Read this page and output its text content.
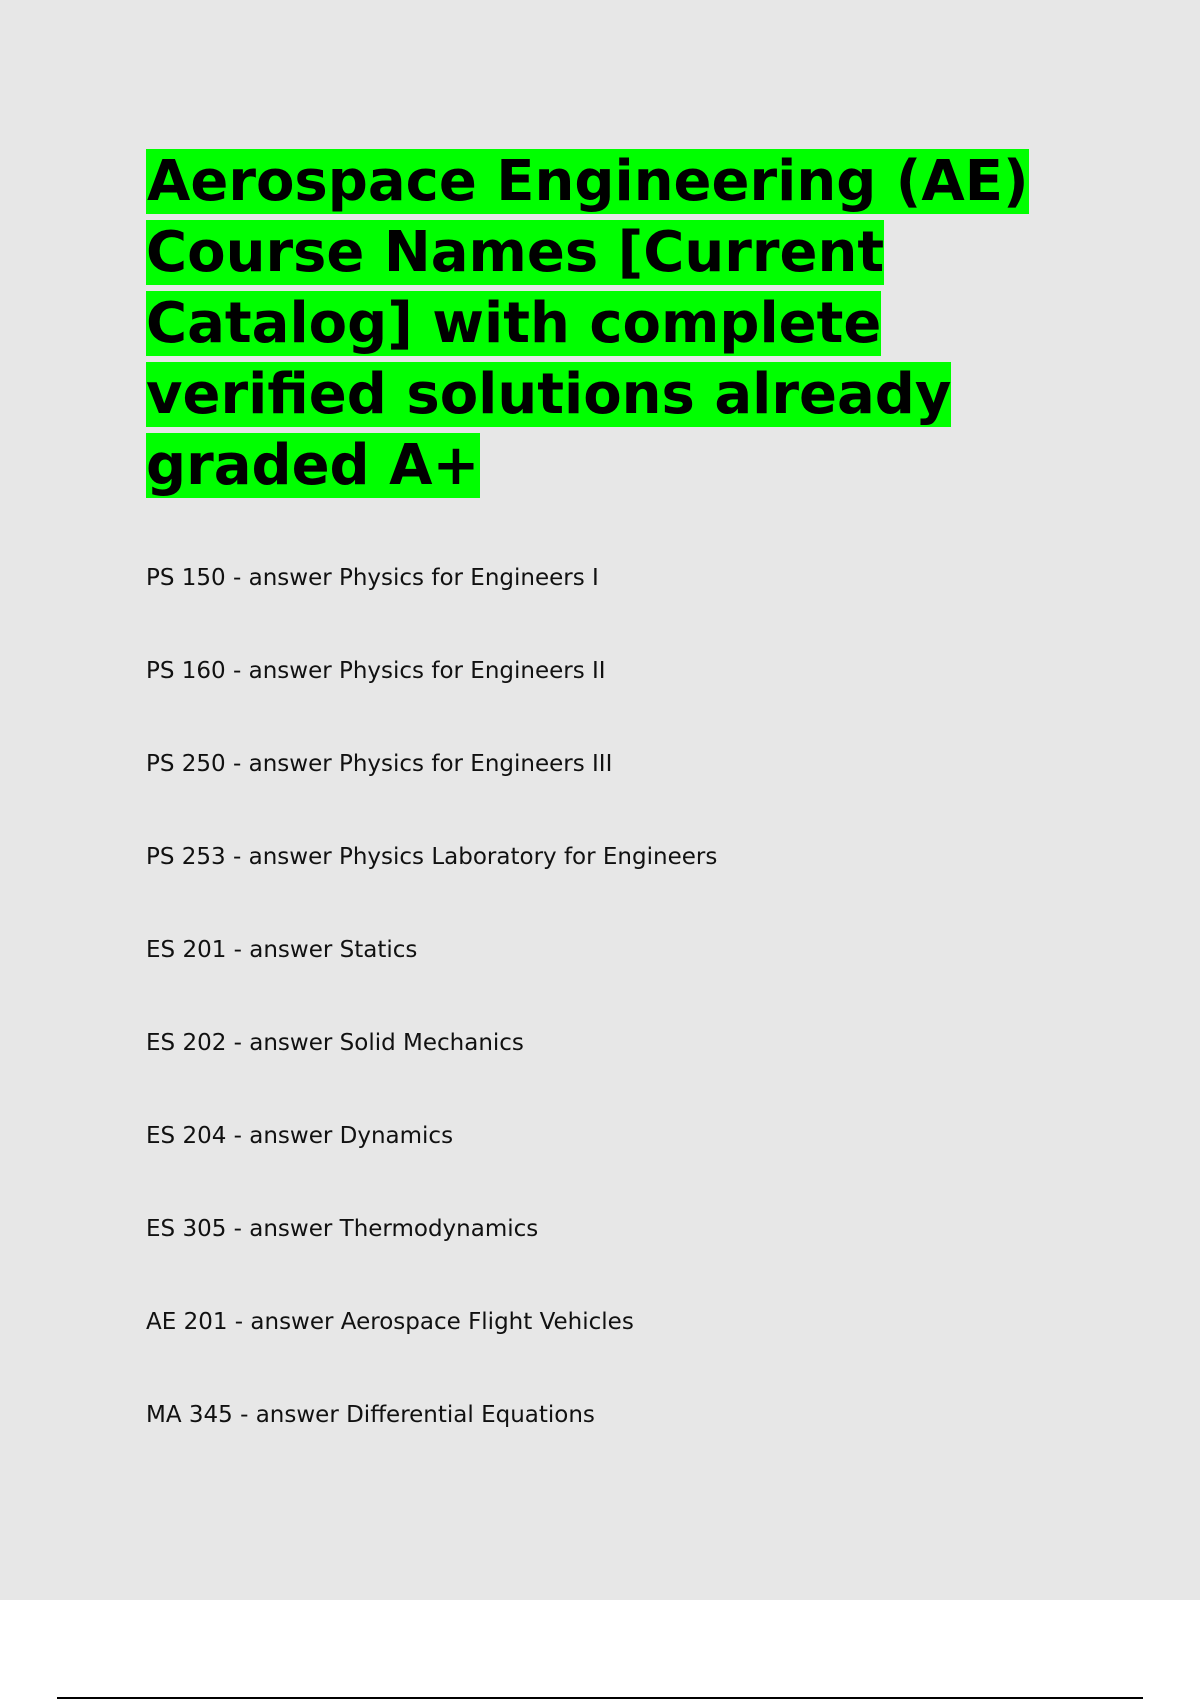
Aerospace Engineering (AE) Course Names [Current Catalog] with complete verified solutions already graded A+
PS 150 - answer Physics for Engineers I
PS 160 - answer Physics for Engineers II
PS 250 - answer Physics for Engineers III
PS 253 - answer Physics Laboratory for Engineers
ES 201 - answer Statics
ES 202 - answer Solid Mechanics
ES 204 - answer Dynamics
ES 305 - answer Thermodynamics
AE 201 - answer Aerospace Flight Vehicles
MA 345 - answer Differential Equations
